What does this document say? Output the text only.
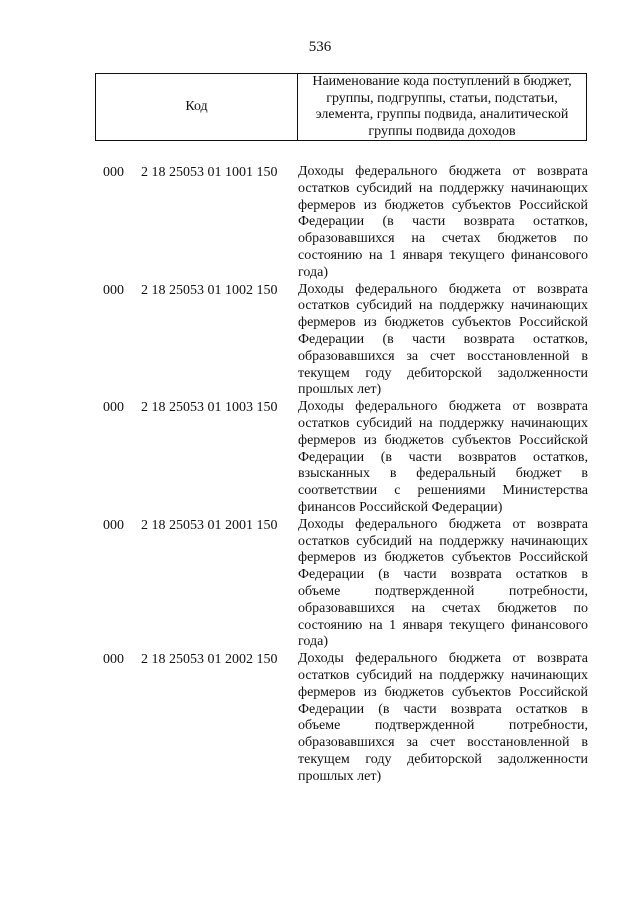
536
Код
Наименование кода поступлений в бюджет,
группы, подгруппы, статьи, подстатьи,
элемента, группы подвида, аналитической
группы подвида доходов
000 2 18 25053 01 1001 150 Доходы федерального бюджета от возврата
остатков субсидий на поддержку начинающих
фермеров из бюджетов субъектов Российской
Федерации (в части возврата остатков,
образовавшихся на счетах бюджетов по
состоянию на 1 января текущего финансового
года)
000 2 18 25053 01 1002 150 Доходы федерального бюджета от возврата
остатков субсидий на поддержку начинающих
фермеров из бюджетов субъектов Российской
Федерации (в части возврата остатков,
образовавшихся за счет восстановленной в
текущем году дебиторской задолженности
прошлых лет)
000 2 18 25053 01 1003 150 Доходы федерального бюджета от возврата
остатков субсидий на поддержку начинающих
фермеров из бюджетов субъектов Российской
Федерации (в части возвратов остатков,
взысканных в федеральный бюджет в
соответствии с решениями Министерства
финансов Российской Федерации)
000 2 18 25053 01 2001 150 Доходы федерального бюджета от возврата
остатков субсидий на поддержку начинающих
фермеров из бюджетов субъектов Российской
Федерации (в части возврата остатков в
объеме подтвержденной потребности,
образовавшихся на счетах бюджетов по
состоянию на 1 января текущего финансового
года)
000 2 18 25053 01 2002 150 Доходы федерального бюджета от возврата
остатков субсидий на поддержку начинающих
фермеров из бюджетов субъектов Российской
Федерации (в части возврата остатков в
объеме подтвержденной потребности,
образовавшихся за счет восстановленной в
текущем году дебиторской задолженности
прошлых лет)
